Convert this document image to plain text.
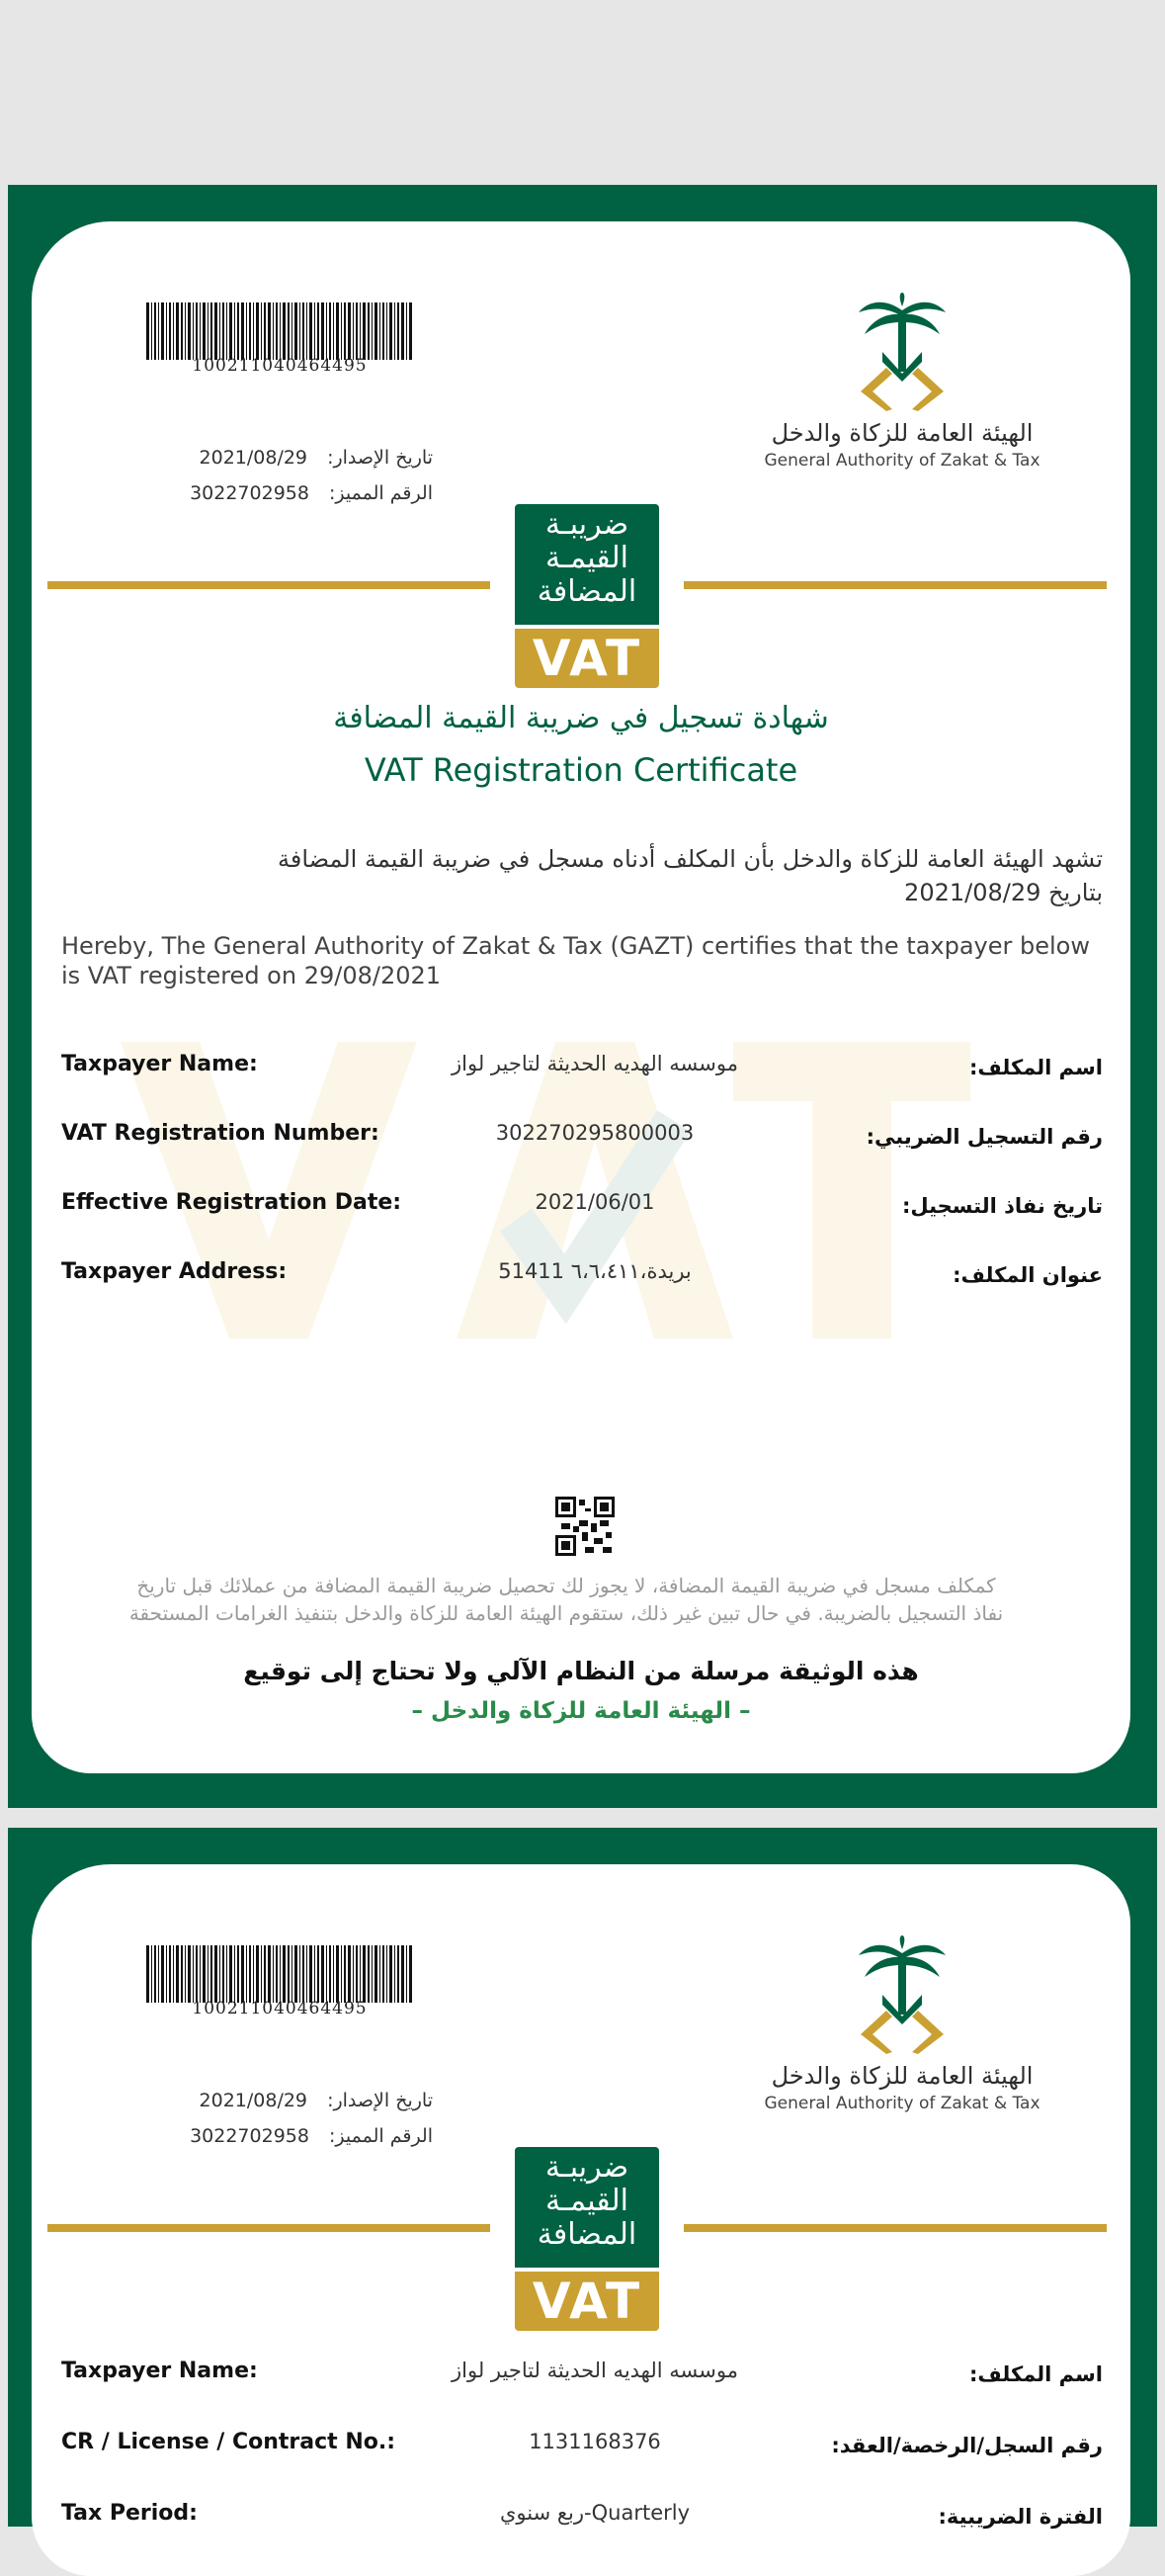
100211040464495
تاريخ الإصدار: 2021/08/29
الرقم المميز: 3022702958
الهيئة العامة للزكاة والدخل
General Authority of Zakat & Tax
ضريبـة
القيمـة
المضافة
VAT
شهادة تسجيل في ضريبة القيمة المضافة
VAT Registration Certificate
تشهد الهيئة العامة للزكاة والدخل بأن المكلف أدناه مسجل في ضريبة القيمة المضافة
بتاريخ 2021/08/29
Hereby, The General Authority of Zakat & Tax (GAZT) certifies that the taxpayer below is VAT registered on 29/08/2021
Taxpayer Name:	موسسه الهديه الحديثة لتاجير لواز	اسم المكلف:
VAT Registration Number:	302270295800003	رقم التسجيل الضريبي:
Effective Registration Date:	2021/06/01	تاريخ نفاذ التسجيل:
Taxpayer Address:	بريدة،٦،٦،٤١١ 51411	عنوان المكلف:
كمكلف مسجل في ضريبة القيمة المضافة، لا يجوز لك تحصيل ضريبة القيمة المضافة من عملائك قبل تاريخ
نفاذ التسجيل بالضريبة. في حال تبين غير ذلك، ستقوم الهيئة العامة للزكاة والدخل بتنفيذ الغرامات المستحقة
هذه الوثيقة مرسلة من النظام الآلي ولا تحتاج إلى توقيع
– الهيئة العامة للزكاة والدخل –
100211040464495
تاريخ الإصدار: 2021/08/29
الرقم المميز: 3022702958
الهيئة العامة للزكاة والدخل
General Authority of Zakat & Tax
ضريبـة
القيمـة
المضافة
VAT
Taxpayer Name:	موسسه الهديه الحديثة لتاجير لواز	اسم المكلف:
CR / License / Contract No.:	1131168376	رقم السجل/الرخصة/العقد:
Tax Period:	ربع سنوي-Quarterly	الفترة الضريبية:
